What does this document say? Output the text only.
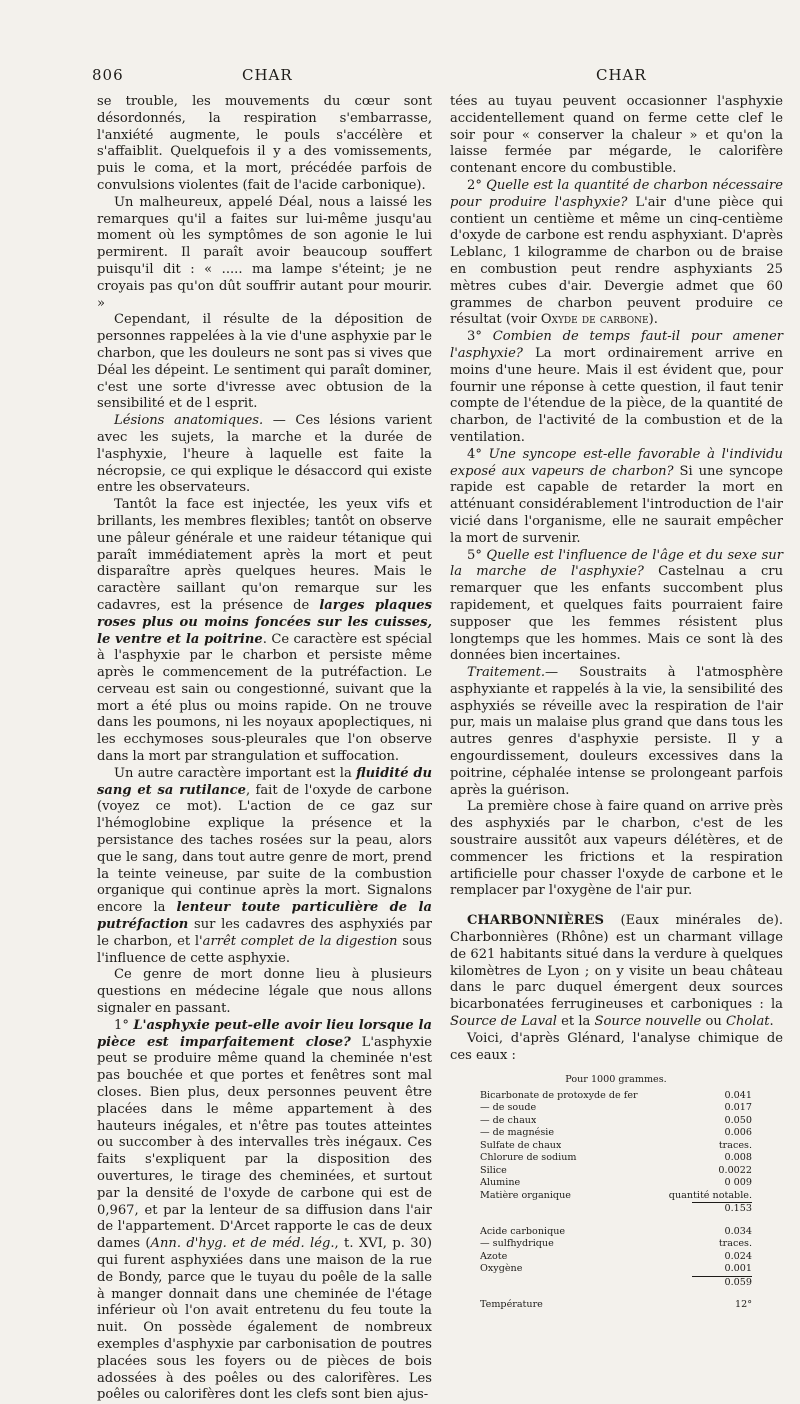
806	CHAR	CHAR

se trouble, les mouvements du cœur sont désordonnés, la respiration s'embarrasse, l'anxiété augmente, le pouls s'accélère et s'affaiblit. Quelquefois il y a des vomissements, puis le coma, et la mort, précédée parfois de convulsions violentes (fait de l'acide carbonique).

Un malheureux, appelé Déal, nous a laissé les remarques qu'il a faites sur lui-même jusqu'au moment où les symptômes de son agonie le lui permirent. Il paraît avoir beaucoup souffert puisqu'il dit : « ..... ma lampe s'éteint; je ne croyais pas qu'on dût souffrir autant pour mourir. »

Cependant, il résulte de la déposition de personnes rappelées à la vie d'une asphyxie par le charbon, que les douleurs ne sont pas si vives que Déal les dépeint. Le sentiment qui paraît dominer, c'est une sorte d'ivresse avec obtusion de la sensibilité et de l esprit.

Lésions anatomiques. — Ces lésions varient avec les sujets, la marche et la durée de l'asphyxie, l'heure à laquelle est faite la nécropsie, ce qui explique le désaccord qui existe entre les observateurs.

Tantôt la face est injectée, les yeux vifs et brillants, les membres flexibles; tantôt on observe une pâleur générale et une raideur tétanique qui paraît immédiatement après la mort et peut disparaître après quelques heures. Mais le caractère saillant qu'on remarque sur les cadavres, est la présence de larges plaques roses plus ou moins foncées sur les cuisses, le ventre et la poitrine. Ce caractère est spécial à l'asphyxie par le charbon et persiste même après le commencement de la putréfaction. Le cerveau est sain ou congestionné, suivant que la mort a été plus ou moins rapide. On ne trouve dans les poumons, ni les noyaux apoplectiques, ni les ecchymoses sous-pleurales que l'on observe dans la mort par strangulation et suffocation.

Un autre caractère important est la fluidité du sang et sa rutilance, fait de l'oxyde de carbone (voyez ce mot). L'action de ce gaz sur l'hémoglobine explique la présence et la persistance des taches rosées sur la peau, alors que le sang, dans tout autre genre de mort, prend la teinte veineuse, par suite de la combustion organique qui continue après la mort. Signalons encore la lenteur toute particulière de la putréfaction sur les cadavres des asphyxiés par le charbon, et l'arrêt complet de la digestion sous l'influence de cette asphyxie.

Ce genre de mort donne lieu à plusieurs questions en médecine légale que nous allons signaler en passant.

1° L'asphyxie peut-elle avoir lieu lorsque la pièce est imparfaitement close? L'asphyxie peut se produire même quand la cheminée n'est pas bouchée et que portes et fenêtres sont mal closes. Bien plus, deux personnes peuvent être placées dans le même appartement à des hauteurs inégales, et n'être pas toutes atteintes ou succomber à des intervalles très inégaux. Ces faits s'expliquent par la disposition des ouvertures, le tirage des cheminées, et surtout par la densité de l'oxyde de carbone qui est de 0,967, et par la lenteur de sa diffusion dans l'air de l'appartement. D'Arcet rapporte le cas de deux dames (Ann. d'hyg. et de méd. lég., t. XVI, p. 30) qui furent asphyxiées dans une maison de la rue de Bondy, parce que le tuyau du poêle de la salle à manger donnait dans une cheminée de l'étage inférieur où l'on avait entretenu du feu toute la nuit. On possède également de nombreux exemples d'asphyxie par carbonisation de poutres placées sous les foyers ou de pièces de bois adossées à des poêles ou des calorifères. Les poêles ou calorifères dont les clefs sont bien ajus-

tées au tuyau peuvent occasionner l'asphyxie accidentellement quand on ferme cette clef le soir pour « conserver la chaleur » et qu'on la laisse fermée par mégarde, le calorifère contenant encore du combustible.

2° Quelle est la quantité de charbon nécessaire pour produire l'asphyxie? L'air d'une pièce qui contient un centième et même un cinq-centième d'oxyde de carbone est rendu asphyxiant. D'après Leblanc, 1 kilogramme de charbon ou de braise en combustion peut rendre asphyxiants 25 mètres cubes d'air. Devergie admet que 60 grammes de charbon peuvent produire ce résultat (voir Oxyde de carbone).

3° Combien de temps faut-il pour amener l'asphyxie? La mort ordinairement arrive en moins d'une heure. Mais il est évident que, pour fournir une réponse à cette question, il faut tenir compte de l'étendue de la pièce, de la quantité de charbon, de l'activité de la combustion et de la ventilation.

4° Une syncope est-elle favorable à l'individu exposé aux vapeurs de charbon? Si une syncope rapide est capable de retarder la mort en atténuant considérablement l'introduction de l'air vicié dans l'organisme, elle ne saurait empêcher la mort de survenir.

5° Quelle est l'influence de l'âge et du sexe sur la marche de l'asphyxie? Castelnau a cru remarquer que les enfants succombent plus rapidement, et quelques faits pourraient faire supposer que les femmes résistent plus longtemps que les hommes. Mais ce sont là des données bien incertaines.

Traitement.— Soustraits à l'atmosphère asphyxiante et rappelés à la vie, la sensibilité des asphyxiés se réveille avec la respiration de l'air pur, mais un malaise plus grand que dans tous les autres genres d'asphyxie persiste. Il y a engourdissement, douleurs excessives dans la poitrine, céphalée intense se prolongeant parfois après la guérison.

La première chose à faire quand on arrive près des asphyxiés par le charbon, c'est de les soustraire aussitôt aux vapeurs délétères, et de commencer les frictions et la respiration artificielle pour chasser l'oxyde de carbone et le remplacer par l'oxygène de l'air pur.

CHARBONNIÈRES (Eaux minérales de). Charbonnières (Rhône) est un charmant village de 621 habitants situé dans la verdure à quelques kilomètres de Lyon ; on y visite un beau château dans le parc duquel émergent deux sources bicarbonatées ferrugineuses et carboniques : la Source de Laval et la Source nouvelle ou Cholat.

Voici, d'après Glénard, l'analyse chimique de ces eaux :

Pour 1000 grammes.
Bicarbonate de protoxyde de fer	0.041
— de soude	0.017
— de chaux	0.050
— de magnésie	0.006
Sulfate de chaux	traces.
Chlorure de sodium	0.008
Silice	0.0022
Alumine	0 009
Matière organique	quantité notable.
0.153
Acide carbonique	0.034
— sulfhydrique	traces.
Azote	0.024
Oxygène	0.001
0.059
Température	12°
